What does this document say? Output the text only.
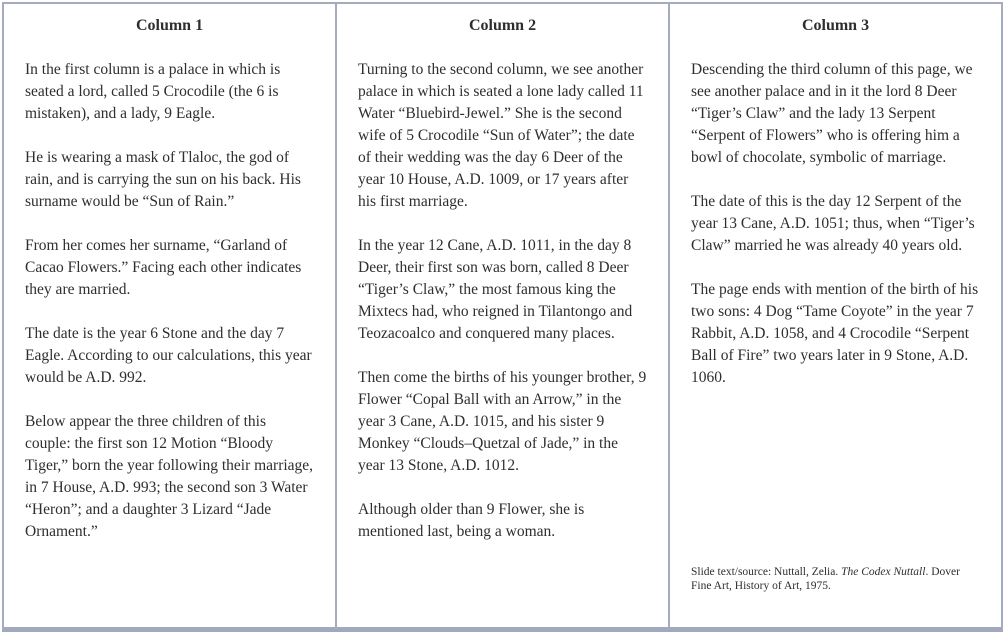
Column 1

In the first column is a palace in which is seated a lord, called 5 Crocodile (the 6 is mistaken), and a lady, 9 Eagle.

He is wearing a mask of Tlaloc, the god of rain, and is carrying the sun on his back. His surname would be “Sun of Rain.”

From her comes her surname, “Garland of Cacao Flowers.” Facing each other indicates they are married.

The date is the year 6 Stone and the day 7 Eagle. According to our calculations, this year would be A.D. 992.

Below appear the three children of this couple: the first son 12 Motion “Bloody Tiger,” born the year following their marriage, in 7 House, A.D. 993; the second son 3 Water “Heron”; and a daughter 3 Lizard “Jade Ornament.”

Column 2

Turning to the second column, we see another palace in which is seated a lone lady called 11 Water “Bluebird-Jewel.” She is the second wife of 5 Crocodile “Sun of Water”; the date of their wedding was the day 6 Deer of the year 10 House, A.D. 1009, or 17 years after his first marriage.

In the year 12 Cane, A.D. 1011, in the day 8 Deer, their first son was born, called 8 Deer “Tiger’s Claw,” the most famous king the Mixtecs had, who reigned in Tilantongo and Teozacoalco and conquered many places.

Then come the births of his younger brother, 9 Flower “Copal Ball with an Arrow,” in the year 3 Cane, A.D. 1015, and his sister 9 Monkey “Clouds–Quetzal of Jade,” in the year 13 Stone, A.D. 1012.

Although older than 9 Flower, she is mentioned last, being a woman.

Column 3

Descending the third column of this page, we see another palace and in it the lord 8 Deer “Tiger’s Claw” and the lady 13 Serpent “Serpent of Flowers” who is offering him a bowl of chocolate, symbolic of marriage.

The date of this is the day 12 Serpent of the year 13 Cane, A.D. 1051; thus, when “Tiger’s Claw” married he was already 40 years old.

The page ends with mention of the birth of his two sons: 4 Dog “Tame Coyote” in the year 7 Rabbit, A.D. 1058, and 4 Crocodile “Serpent Ball of Fire” two years later in 9 Stone, A.D. 1060.

Slide text/source: Nuttall, Zelia. The Codex Nuttall. Dover Fine Art, History of Art, 1975.
